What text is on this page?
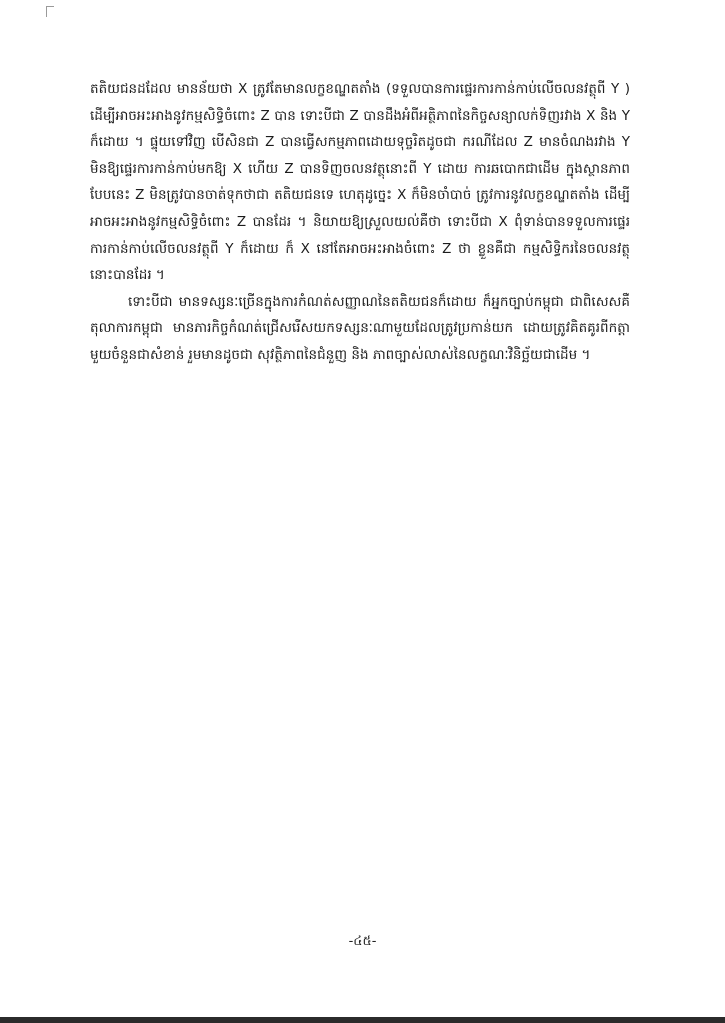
តតិយជនដដែល មានន័យថា X ត្រូវតែមានលក្ខខណ្ឌតតាំង (ទទួលបានការផ្ទេរការកាន់កាប់លើចលនវត្ថុពី Y ) ដើម្បីអាចអះអាងនូវកម្មសិទ្ធិចំពោះ Z បាន ទោះបីជា Z បានដឹងអំពីអត្ថិភាពនៃកិច្ចសន្យាលក់ទិញរវាង X និង Y ក៏ដោយ ។ ផ្ទុយទៅវិញ បើសិនជា Z បានធ្វើសកម្មភាពដោយទុច្ចរិតដូចជា ករណីដែល Z មានចំណងរវាង Y មិនឱ្យផ្ទេរការកាន់កាប់មកឱ្យ X ហើយ Z បានទិញចលនវត្ថុនោះពី Y ដោយ ការឆបោកជាដើម ក្នុងស្ថានភាពបែបនេះ Z មិនត្រូវបានចាត់ទុកថាជា តតិយជនទេ ហេតុដូច្នេះ X ក៏មិនចាំបាច់ ត្រូវការនូវលក្ខខណ្ឌតតាំង ដើម្បីអាចអះអាងនូវកម្មសិទ្ធិចំពោះ Z បានដែរ ។ និយាយឱ្យស្រួលយល់គឺថា ទោះបីជា X ពុំទាន់បានទទួលការផ្ទេរការកាន់កាប់លើចលនវត្ថុពី Y ក៏ដោយ ក៏ X នៅតែអាចអះអាងចំពោះ Z ថា ខ្លួនគឺជា កម្មសិទ្ធិករនៃចលនវត្ថុនោះបានដែរ ។

ទោះបីជា មានទស្សនៈច្រើនក្នុងការកំណត់សញ្ញាណនៃតតិយជនក៏ដោយ ក៏អ្នកច្បាប់កម្ពុជា ជាពិសេសគឺតុលាការកម្ពុជា មានភារកិច្ចកំណត់ជ្រើសរើសយកទស្សនៈណាមួយដែលត្រូវប្រកាន់យក ដោយត្រូវគិតគូរពីកត្តាមួយចំនួនជាសំខាន់ រួមមានដូចជា សុវត្ថិភាពនៃជំនួញ និង ភាពច្បាស់លាស់នៃលក្ខណៈវិនិច្ឆ័យជាដើម ។

-៤៥-
